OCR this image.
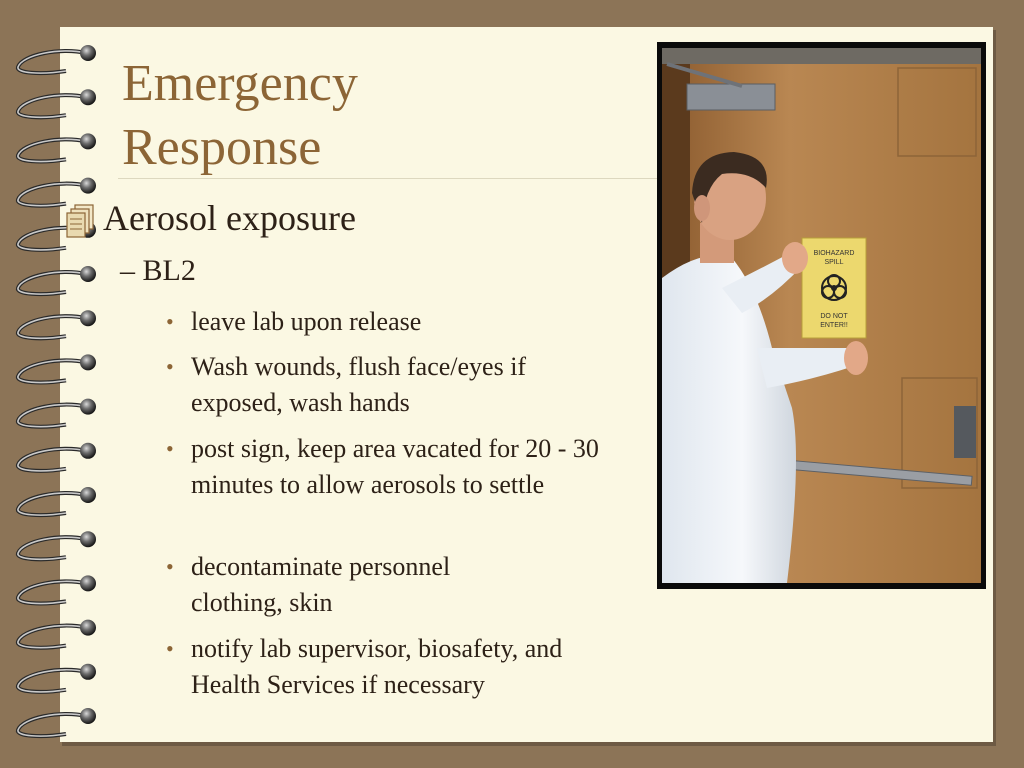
Emergency
Response
Aerosol exposure
– BL2
• leave lab upon release
• Wash wounds, flush face/eyes if exposed, wash hands
• post sign, keep area vacated for 20 - 30 minutes to allow aerosols to settle
• decontaminate personnel clothing, skin
• notify lab supervisor, biosafety, and Health Services if necessary
BIOHAZARD
SPILL
DO NOT
ENTER!!
